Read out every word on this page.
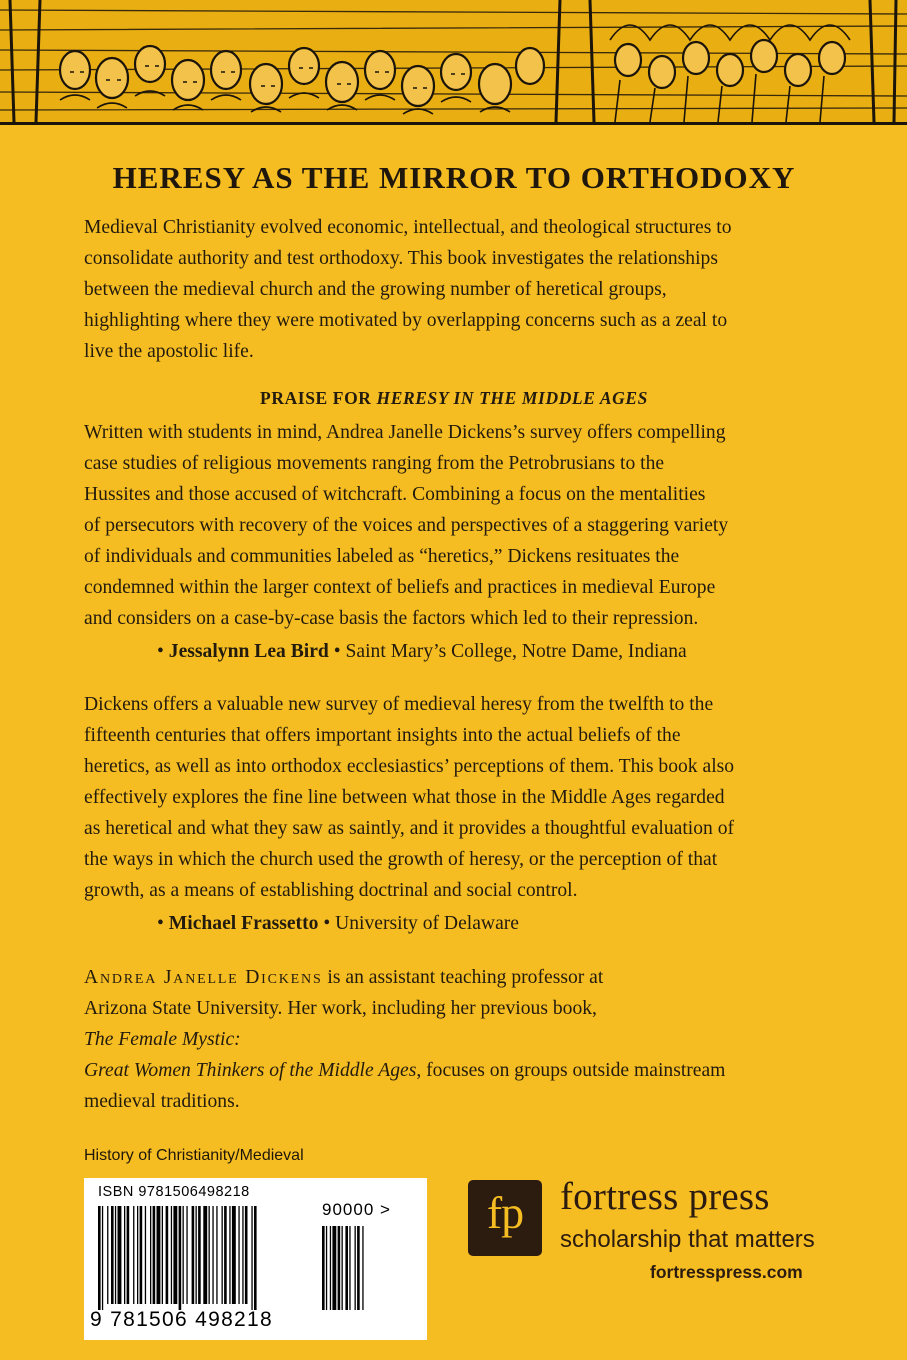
HERESY AS THE MIRROR TO ORTHODOXY
Medieval Christianity evolved economic, intellectual, and theological structures to
consolidate authority and test orthodoxy. This book investigates the relationships
between the medieval church and the growing number of heretical groups,
highlighting where they were motivated by overlapping concerns such as a zeal to
live the apostolic life.
PRAISE FOR HERESY IN THE MIDDLE AGES
Written with students in mind, Andrea Janelle Dickens’s survey offers compelling
case studies of religious movements ranging from the Petrobrusians to the
Hussites and those accused of witchcraft. Combining a focus on the mentalities
of persecutors with recovery of the voices and perspectives of a staggering variety
of individuals and communities labeled as “heretics,” Dickens resituates the
condemned within the larger context of beliefs and practices in medieval Europe
and considers on a case-by-case basis the factors which led to their repression.
• Jessalynn Lea Bird • Saint Mary’s College, Notre Dame, Indiana
Dickens offers a valuable new survey of medieval heresy from the twelfth to the
fifteenth centuries that offers important insights into the actual beliefs of the
heretics, as well as into orthodox ecclesiastics’ perceptions of them. This book also
effectively explores the fine line between what those in the Middle Ages regarded
as heretical and what they saw as saintly, and it provides a thoughtful evaluation of
the ways in which the church used the growth of heresy, or the perception of that
growth, as a means of establishing doctrinal and social control.
• Michael Frassetto • University of Delaware
Andrea Janelle Dickens is an assistant teaching professor at
Arizona State University. Her work, including her previous book,
The Female Mystic:
Great Women Thinkers of the Middle Ages, focuses on groups outside mainstream
medieval traditions.
History of Christianity/Medieval
ISBN 9781506498218
90000 >
9 781506 498218
fp fortress press
scholarship that matters
fortresspress.com
